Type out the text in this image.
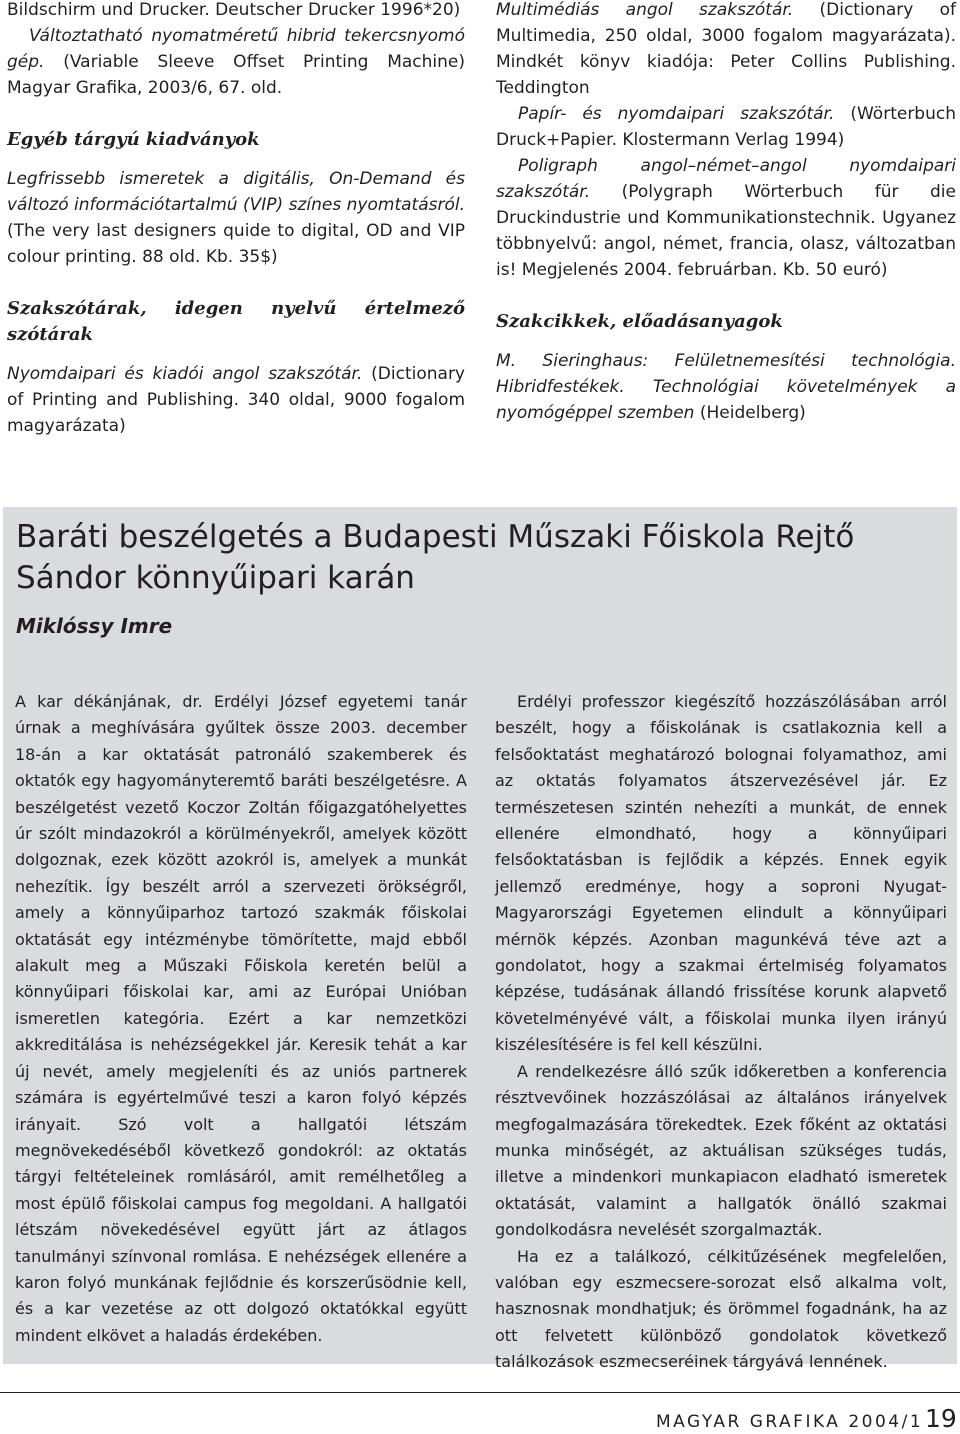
Bildschirm und Drucker. Deutscher Drucker 1996*20)

Változtatható nyomatméretű hibrid tekercsnyomó gép. (Variable Sleeve Offset Printing Machine) Magyar Grafika, 2003/6, 67. old.

Egyéb tárgyú kiadványok

Legfrissebb ismeretek a digitális, On-Demand és változó információtartalmú (VIP) színes nyomtatásról. (The very last designers quide to digital, OD and VIP colour printing. 88 old. Kb. 35$)

Szakszótárak, idegen nyelvű értelmező szótárak

Nyomdaipari és kiadói angol szakszótár. (Dictionary of Printing and Publishing. 340 oldal, 9000 fogalom magyarázata)

Multimédiás angol szakszótár. (Dictionary of Multimedia, 250 oldal, 3000 fogalom magyarázata). Mindkét könyv kiadója: Peter Collins Publishing. Teddington

Papír- és nyomdaipari szakszótár. (Wörterbuch Druck+Papier. Klostermann Verlag 1994)

Poligraph angol–német–angol nyomdaipari szakszótár. (Polygraph Wörterbuch für die Druckindustrie und Kommunikationstechnik. Ugyanez többnyelvű: angol, német, francia, olasz, változatban is! Megjelenés 2004. februárban. Kb. 50 euró)

Szakcikkek, előadásanyagok

M. Sieringhaus: Felületnemesítési technológia. Hibridfestékek. Technológiai követelmények a nyomógéppel szemben (Heidelberg)

Baráti beszélgetés a Budapesti Műszaki Főiskola Rejtő Sándor könnyűipari karán
Miklóssy Imre

A kar dékánjának, dr. Erdélyi József egyetemi tanár úrnak a meghívására gyűltek össze 2003. december 18-án a kar oktatását patronáló szakemberek és oktatók egy hagyományteremtő baráti beszélgetésre. A beszélgetést vezető Koczor Zoltán főigazgatóhelyettes úr szólt mindazokról a körülményekről, amelyek között dolgoznak, ezek között azokról is, amelyek a munkát nehezítik. Így beszélt arról a szervezeti örökségről, amely a könnyűiparhoz tartozó szakmák főiskolai oktatását egy intézménybe tömörítette, majd ebből alakult meg a Műszaki Főiskola keretén belül a könnyűipari főiskolai kar, ami az Európai Unióban ismeretlen kategória. Ezért a kar nemzetközi akkreditálása is nehézségekkel jár. Keresik tehát a kar új nevét, amely megjeleníti és az uniós partnerek számára is egyértelművé teszi a karon folyó képzés irányait. Szó volt a hallgatói létszám megnövekedéséből következő gondokról: az oktatás tárgyi feltételeinek romlásáról, amit remélhetőleg a most épülő főiskolai campus fog megoldani. A hallgatói létszám növekedésével együtt járt az átlagos tanulmányi színvonal romlása. E nehézségek ellenére a karon folyó munkának fejlődnie és korszerűsödnie kell, és a kar vezetése az ott dolgozó oktatókkal együtt mindent elkövet a haladás érdekében.

Erdélyi professzor kiegészítő hozzászólásában arról beszélt, hogy a főiskolának is csatlakoznia kell a felsőoktatást meghatározó bolognai folyamathoz, ami az oktatás folyamatos átszervezésével jár. Ez természetesen szintén nehezíti a munkát, de ennek ellenére elmondható, hogy a könnyűipari felsőoktatásban is fejlődik a képzés. Ennek egyik jellemző eredménye, hogy a soproni Nyugat-Magyarországi Egyetemen elindult a könnyűipari mérnök képzés. Azonban magunkévá téve azt a gondolatot, hogy a szakmai értelmiség folyamatos képzése, tudásának állandó frissítése korunk alapvető követelményévé vált, a főiskolai munka ilyen irányú kiszélesítésére is fel kell készülni.

A rendelkezésre álló szűk időkeretben a konferencia résztvevőinek hozzászólásai az általános irányelvek megfogalmazására törekedtek. Ezek főként az oktatási munka minőségét, az aktuálisan szükséges tudás, illetve a mindenkori munkapiacon eladható ismeretek oktatását, valamint a hallgatók önálló szakmai gondolkodásra nevelését szorgalmazták.

Ha ez a találkozó, célkitűzésének megfelelően, valóban egy eszmecsere-sorozat első alkalma volt, hasznosnak mondhatjuk; és örömmel fogadnánk, ha az ott felvetett különböző gondolatok következő találkozások eszmecseréinek tárgyává lennének.

MAGYAR GRAFIKA 2004/1 19
